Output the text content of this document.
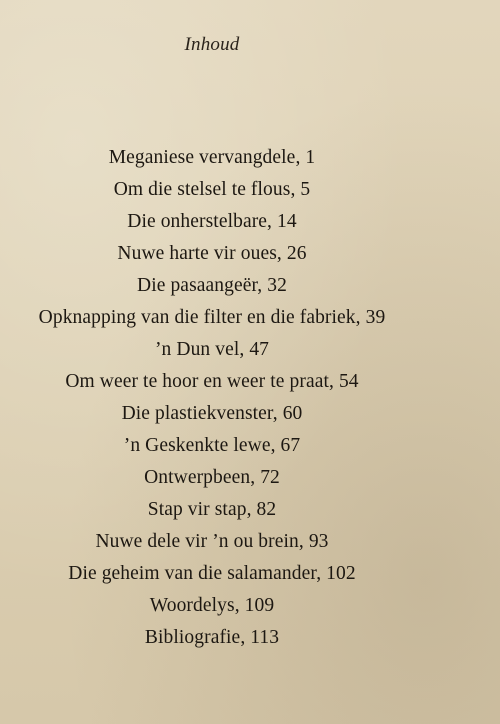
Inhoud
Meganiese vervangdele, 1
Om die stelsel te flous, 5
Die onherstelbare, 14
Nuwe harte vir oues, 26
Die pasaangeër, 32
Opknapping van die filter en die fabriek, 39
’n Dun vel, 47
Om weer te hoor en weer te praat, 54
Die plastiekvenster, 60
’n Geskenkte lewe, 67
Ontwerpbeen, 72
Stap vir stap, 82
Nuwe dele vir ’n ou brein, 93
Die geheim van die salamander, 102
Woordelys, 109
Bibliografie, 113
